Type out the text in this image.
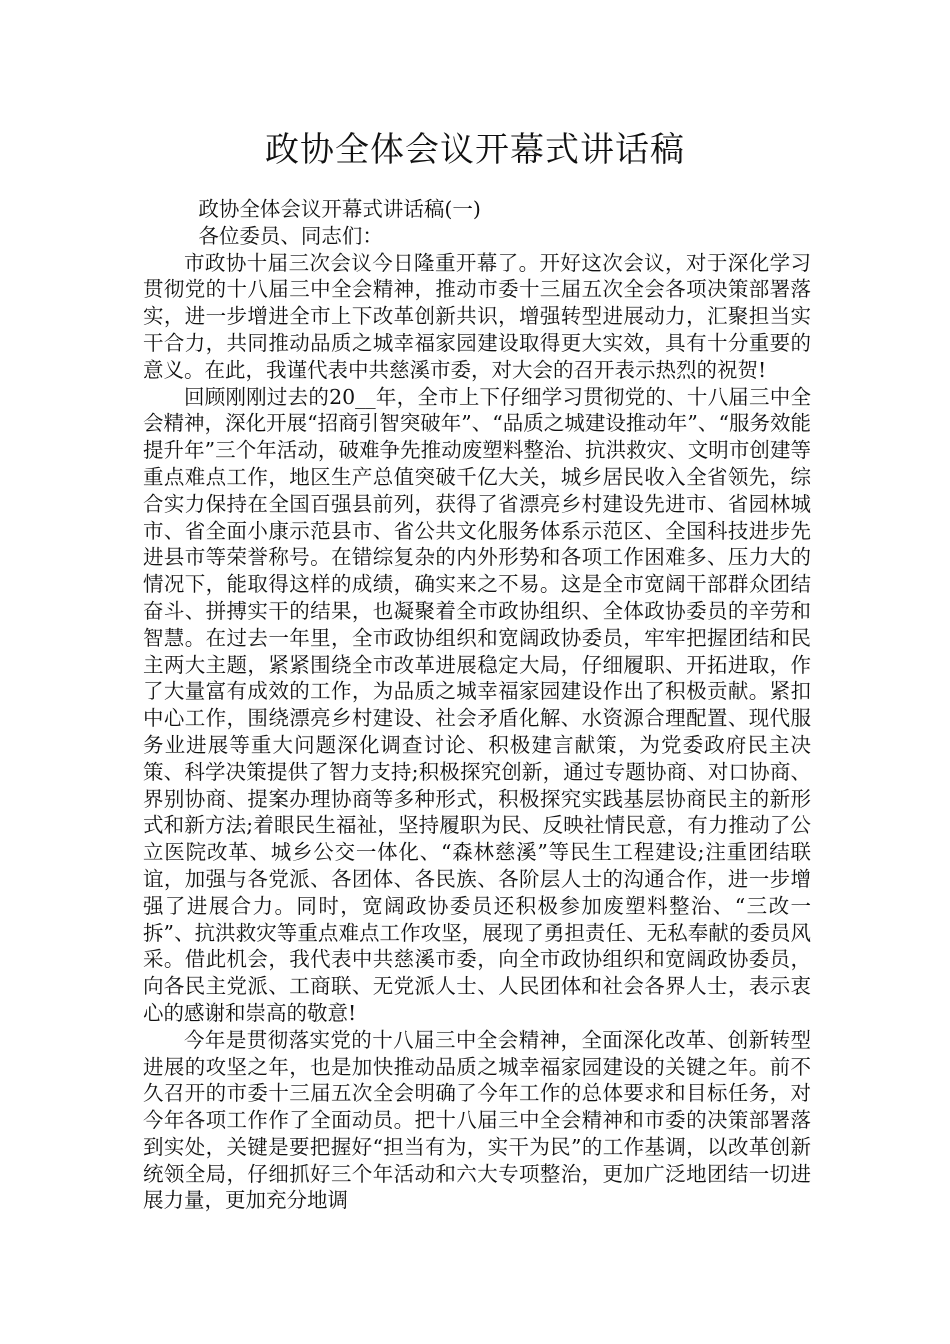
政协全体会议开幕式讲话稿

政协全体会议开幕式讲话稿(一)

各位委员、同志们：

市政协十届三次会议今日隆重开幕了。开好这次会议，对于深化学习贯彻党的十八届三中全会精神，推动市委十三届五次全会各项决策部署落实，进一步增进全市上下改革创新共识，增强转型进展动力，汇聚担当实干合力，共同推动品质之城幸福家园建设取得更大实效，具有十分重要的意义。在此，我谨代表中共慈溪市委，对大会的召开表示热烈的祝贺!

回顾刚刚过去的20__年，全市上下仔细学习贯彻党的、十八届三中全会精神，深化开展“招商引智突破年”、“品质之城建设推动年”、“服务效能提升年”三个年活动，破难争先推动废塑料整治、抗洪救灾、文明市创建等重点难点工作，地区生产总值突破千亿大关，城乡居民收入全省领先，综合实力保持在全国百强县前列，获得了省漂亮乡村建设先进市、省园林城市、省全面小康示范县市、省公共文化服务体系示范区、全国科技进步先进县市等荣誉称号。在错综复杂的内外形势和各项工作困难多、压力大的情况下，能取得这样的成绩，确实来之不易。这是全市宽阔干部群众团结奋斗、拼搏实干的结果，也凝聚着全市政协组织、全体政协委员的辛劳和智慧。在过去一年里，全市政协组织和宽阔政协委员，牢牢把握团结和民主两大主题，紧紧围绕全市改革进展稳定大局，仔细履职、开拓进取，作了大量富有成效的工作，为品质之城幸福家园建设作出了积极贡献。紧扣中心工作，围绕漂亮乡村建设、社会矛盾化解、水资源合理配置、现代服务业进展等重大问题深化调查讨论、积极建言献策，为党委政府民主决策、科学决策提供了智力支持;积极探究创新，通过专题协商、对口协商、界别协商、提案办理协商等多种形式，积极探究实践基层协商民主的新形式和新方法;着眼民生福祉，坚持履职为民、反映社情民意，有力推动了公立医院改革、城乡公交一体化、“森林慈溪”等民生工程建设;注重团结联谊，加强与各党派、各团体、各民族、各阶层人士的沟通合作，进一步增强了进展合力。同时，宽阔政协委员还积极参加废塑料整治、“三改一拆”、抗洪救灾等重点难点工作攻坚，展现了勇担责任、无私奉献的委员风采。借此机会，我代表中共慈溪市委，向全市政协组织和宽阔政协委员，向各民主党派、工商联、无党派人士、人民团体和社会各界人士，表示衷心的感谢和崇高的敬意!

今年是贯彻落实党的十八届三中全会精神，全面深化改革、创新转型进展的攻坚之年，也是加快推动品质之城幸福家园建设的关键之年。前不久召开的市委十三届五次全会明确了今年工作的总体要求和目标任务，对今年各项工作作了全面动员。把十八届三中全会精神和市委的决策部署落到实处，关键是要把握好“担当有为，实干为民”的工作基调，以改革创新统领全局，仔细抓好三个年活动和六大专项整治，更加广泛地团结一切进展力量，更加充分地调
